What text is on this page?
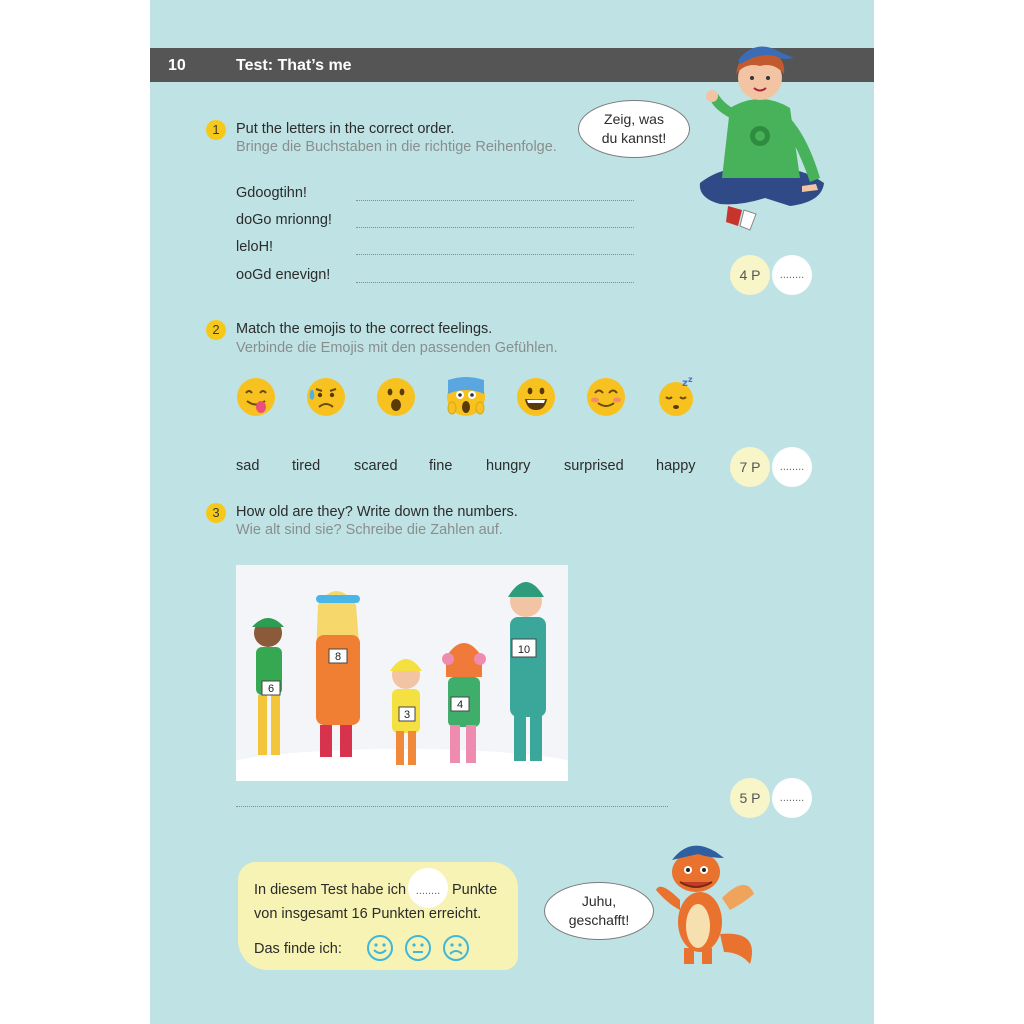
10	Test: That’s me
Zeig, was
du kannst!
1	Put the letters in the correct order.
Bringe die Buchstaben in die richtige Reihenfolge.
Gdoogtihn!
doGo mrionng!
leloH!
ooGd enevign!	4 P	........
2	Match the emojis to the correct feelings.
Verbinde die Emojis mit den passenden Gefühlen.
z z
sad tired scared fine hungry surprised happy	7 P	........
3	How old are they? Write down the numbers.
Wie alt sind sie? Schreibe die Zahlen auf.
6
8
3
4
10
5 P	........
In diesem Test habe ich ........ Punkte
von insgesamt 16 Punkten erreicht.
Das finde ich:
Juhu,
geschafft!
